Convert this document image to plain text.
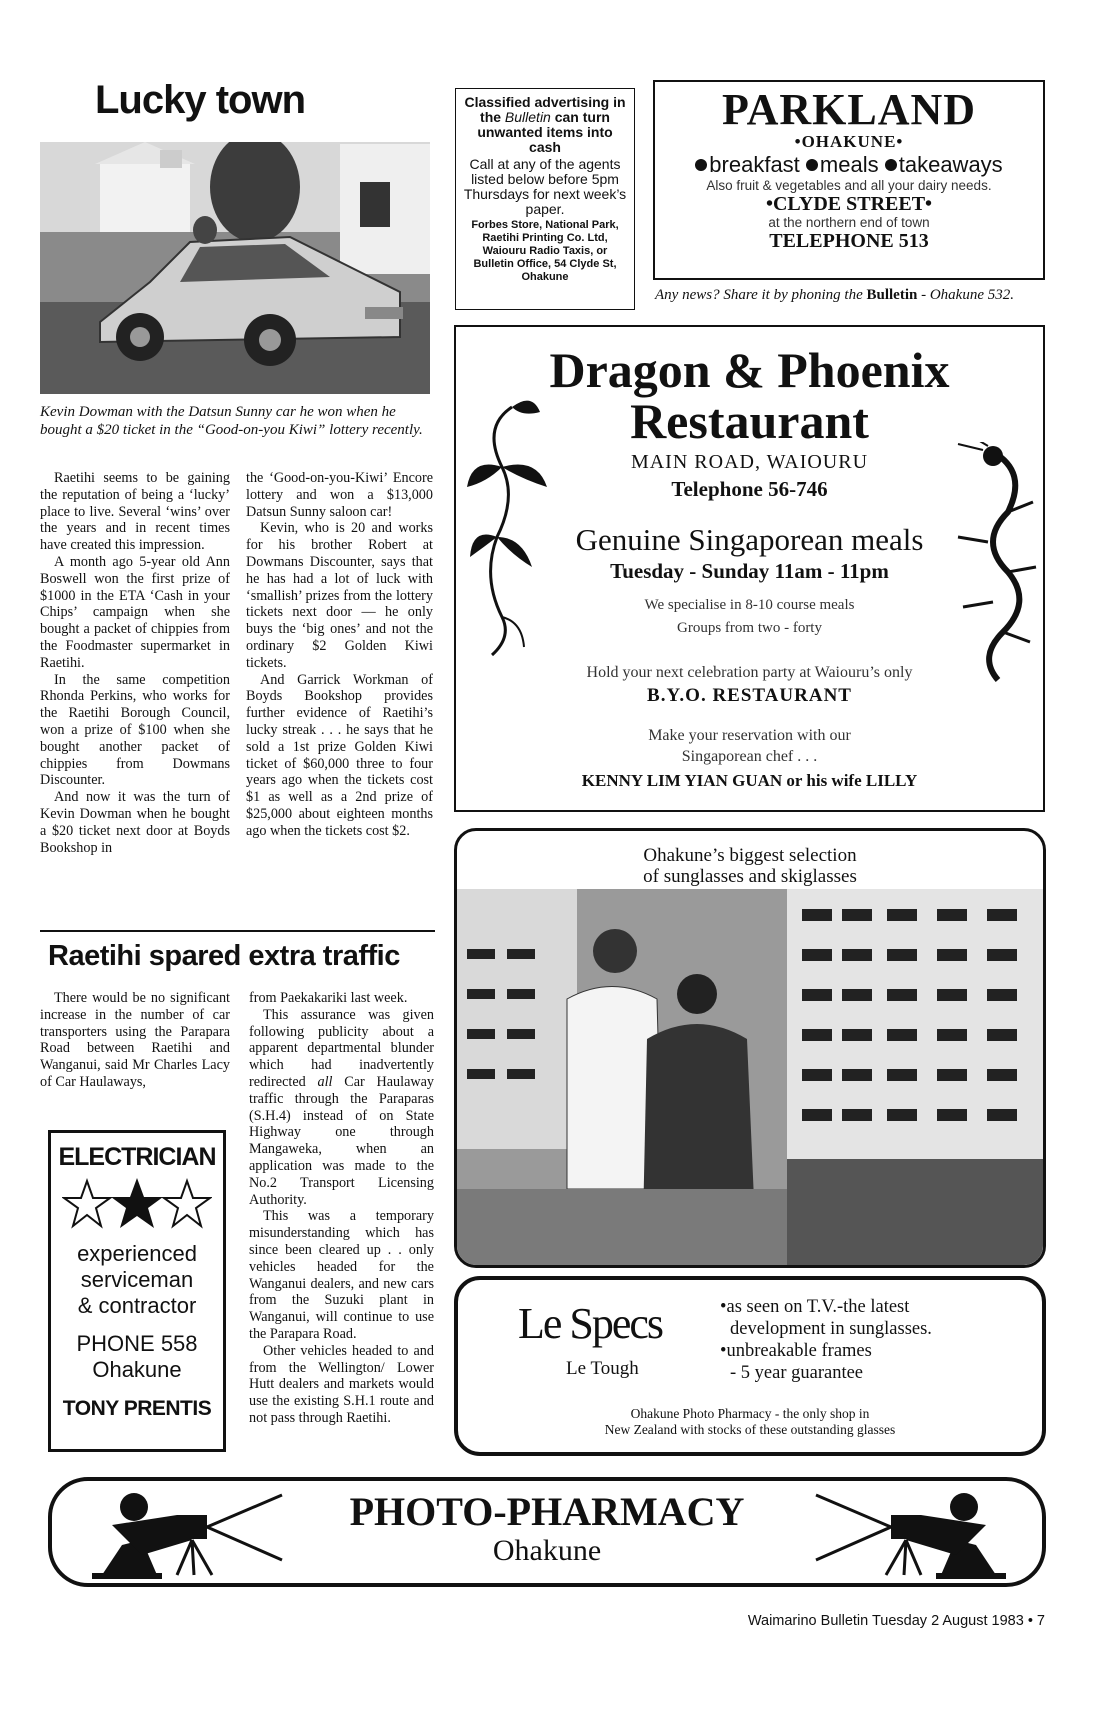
Lucky town
Kevin Dowman with the Datsun Sunny car he won when he bought a $20 ticket in the “Good-on-you Kiwi” lottery recently.

Raetihi seems to be gaining the reputation of being a ‘lucky’ place to live. Several ‘wins’ over the years and in recent times have created this impression.

A month ago 5-year old Ann Boswell won the first prize of $1000 in the ETA ‘Cash in your Chips’ campaign when she bought a packet of chippies from the Foodmaster supermarket in Raetihi.

In the same competition Rhonda Perkins, who works for the Raetihi Borough Council, won a prize of $100 when she bought another packet of chippies from Dowmans Discounter.

And now it was the turn of Kevin Dowman when he bought a $20 ticket next door at Boyds Bookshop in

the ‘Good-on-you-Kiwi’ Encore lottery and won a $13,000 Datsun Sunny saloon car!

Kevin, who is 20 and works for his brother Robert at Dowmans Discounter, says that he has had a lot of luck with ‘smallish’ prizes from the lottery tickets next door — he only buys the ‘big ones’ and not the ordinary $2 Golden Kiwi tickets.

And Garrick Workman of Boyds Bookshop provides further evidence of Raetihi’s lucky streak . . . he says that he sold a 1st prize Golden Kiwi ticket of $60,000 three to four years ago when the tickets cost $1 as well as a 2nd prize of $25,000 about eighteen months ago when the tickets cost $2.

Classified advertising in the Bulletin can turn unwanted items into cash
Call at any of the agents listed below before 5pm Thursdays for next week’s paper.
Forbes Store, National Park, Raetihi Printing Co. Ltd, Waiouru Radio Taxis, or Bulletin Office, 54 Clyde St, Ohakune
PARKLAND
•OHAKUNE•
breakfast meals takeaways
Also fruit & vegetables and all your dairy needs.
•CLYDE STREET•
at the northern end of town
TELEPHONE 513
Any news? Share it by phoning the Bulletin - Ohakune 532.
Dragon & Phoenix
Restaurant
MAIN ROAD, WAIOURU
Telephone 56-746
Genuine Singaporean meals
Tuesday - Sunday 11am - 11pm
We specialise in 8-10 course meals
Groups from two - forty
Hold your next celebration party at Waiouru’s only
B.Y.O. RESTAURANT
Make your reservation with our
Singaporean chef . . .
KENNY LIM YIAN GUAN or his wife LILLY
Raetihi spared extra traffic

There would be no significant increase in the number of car transporters using the Parapara Road between Raetihi and Wanganui, said Mr Charles Lacy of Car Haulaways,

ELECTRICIAN
experienced
serviceman
& contractor
PHONE 558
Ohakune
TONY PRENTIS

from Paekakariki last week.

This assurance was given following publicity about a apparent departmental blunder which had inadvertently redirected all Car Haulaway traffic through the Paraparas (S.H.4) instead of on State Highway one through Mangaweka, when an application was made to the No.2 Transport Licensing Authority.

This was a temporary misunderstanding which has since been cleared up . . only vehicles headed for the Wanganui dealers, and new cars from the Suzuki plant in Wanganui, will continue to use the Parapara Road.

Other vehicles headed to and from the Wellington/ Lower Hutt dealers and markets would use the existing S.H.1 route and not pass through Raetihi.

Ohakune’s biggest selection
of sunglasses and skiglasses
Le Specs
Le Tough
•as seen on T.V.-the latest
development in sunglasses.
•unbreakable frames
- 5 year guarantee
Ohakune Photo Pharmacy - the only shop in
New Zealand with stocks of these outstanding glasses
PHOTO-PHARMACY
Ohakune
Waimarino Bulletin Tuesday 2 August 1983 • 7
